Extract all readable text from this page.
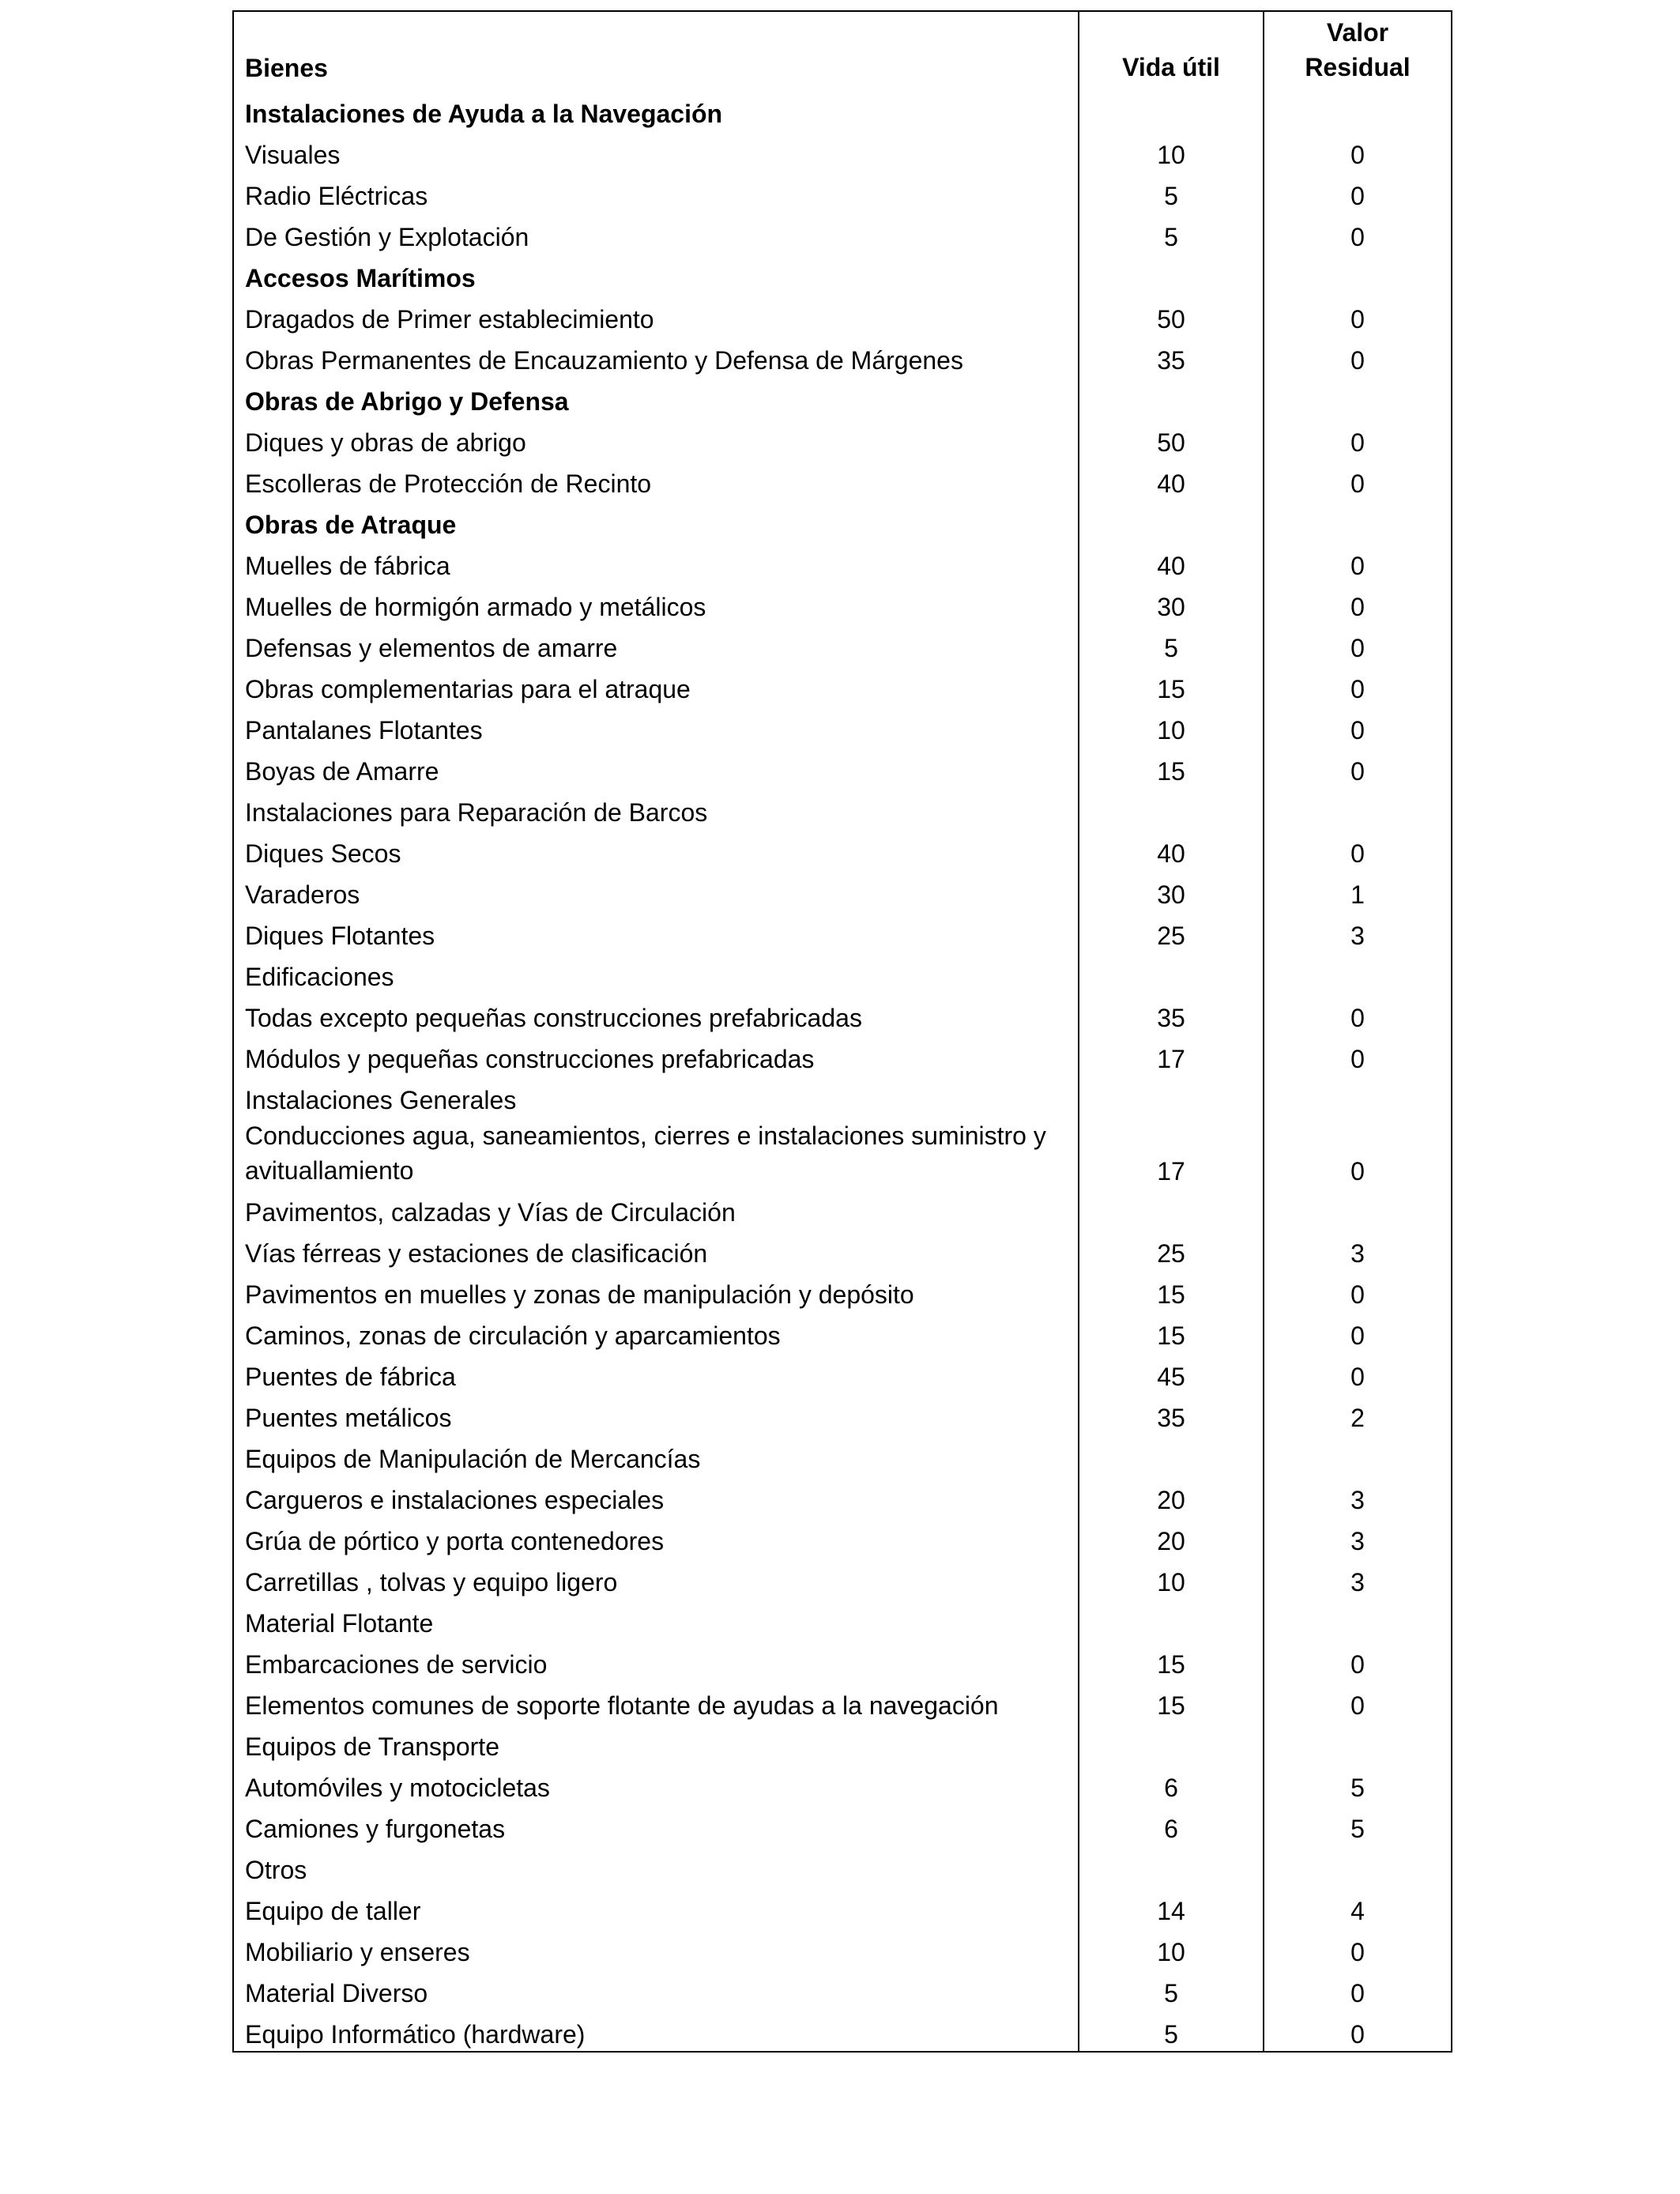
Bienes	Vida útil	Valor
Residual
Instalaciones de Ayuda a la Navegación		
Visuales	10	0
Radio Eléctricas	5	0
De Gestión y Explotación	5	0
Accesos Marítimos		
Dragados de Primer establecimiento	50	0
Obras Permanentes de Encauzamiento y Defensa de Márgenes	35	0
Obras de Abrigo y Defensa		
Diques y obras de abrigo	50	0
Escolleras de Protección de Recinto	40	0
Obras de Atraque		
Muelles de fábrica	40	0
Muelles de hormigón armado y metálicos	30	0
Defensas y elementos de amarre	5	0
Obras complementarias para el atraque	15	0
Pantalanes Flotantes	10	0
Boyas de Amarre	15	0
Instalaciones para Reparación de Barcos		
Diques Secos	40	0
Varaderos	30	1
Diques Flotantes	25	3
Edificaciones		
Todas excepto pequeñas construcciones prefabricadas	35	0
Módulos y pequeñas construcciones prefabricadas	17	0
Instalaciones Generales		
Conducciones agua, saneamientos, cierres e instalaciones suministro y avituallamiento	17	0
Pavimentos, calzadas y Vías de Circulación		
Vías férreas y estaciones de clasificación	25	3
Pavimentos en muelles y zonas de manipulación y depósito	15	0
Caminos, zonas de circulación y aparcamientos	15	0
Puentes de fábrica	45	0
Puentes metálicos	35	2
Equipos de Manipulación de Mercancías		
Cargueros e instalaciones especiales	20	3
Grúa de pórtico y porta contenedores	20	3
Carretillas , tolvas y equipo ligero	10	3
Material Flotante		
Embarcaciones de servicio	15	0
Elementos comunes de soporte flotante de ayudas a la navegación	15	0
Equipos de Transporte		
Automóviles y motocicletas	6	5
Camiones y furgonetas	6	5
Otros		
Equipo de taller	14	4
Mobiliario y enseres	10	0
Material Diverso	5	0
Equipo Informático (hardware)	5	0
